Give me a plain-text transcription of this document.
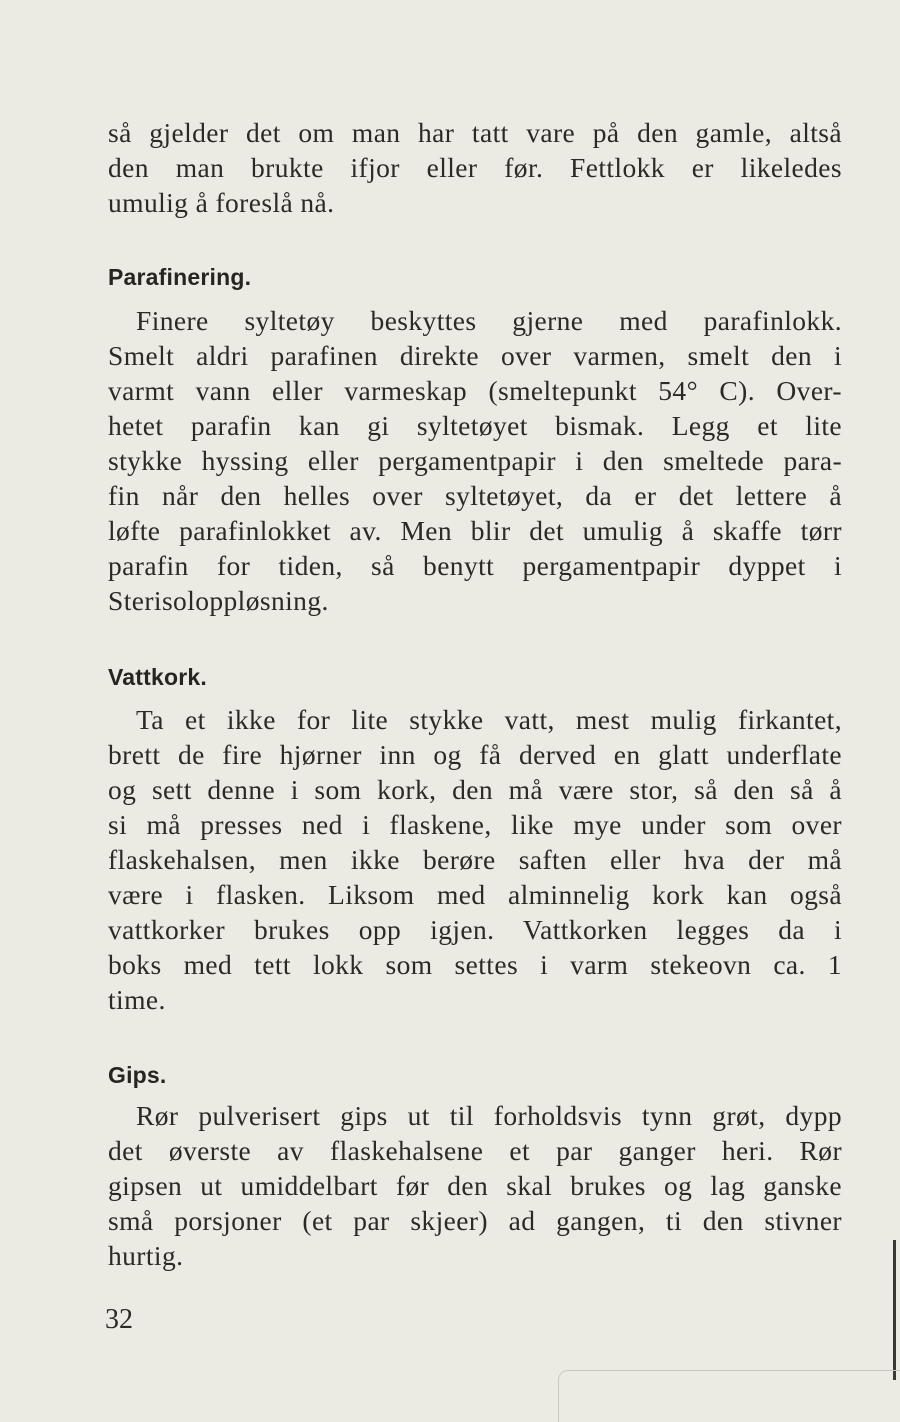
så gjelder det om man har tatt vare på den gamle, altså
den man brukte ifjor eller før. Fettlokk er likeledes
umulig å foreslå nå.
Parafinering.
Finere syltetøy beskyttes gjerne med parafinlokk.
Smelt aldri parafinen direkte over varmen, smelt den i
varmt vann eller varmeskap (smeltepunkt 54° C). Over-
hetet parafin kan gi syltetøyet bismak. Legg et lite
stykke hyssing eller pergamentpapir i den smeltede para-
fin når den helles over syltetøyet, da er det lettere å
løfte parafinlokket av. Men blir det umulig å skaffe tørr
parafin for tiden, så benytt pergamentpapir dyppet i
Sterisoloppløsning.
Vattkork.
Ta et ikke for lite stykke vatt, mest mulig firkantet,
brett de fire hjørner inn og få derved en glatt underflate
og sett denne i som kork, den må være stor, så den så å
si må presses ned i flaskene, like mye under som over
flaskehalsen, men ikke berøre saften eller hva der må
være i flasken. Liksom med alminnelig kork kan også
vattkorker brukes opp igjen. Vattkorken legges da i
boks med tett lokk som settes i varm stekeovn ca. 1
time.
Gips.
Rør pulverisert gips ut til forholdsvis tynn grøt, dypp
det øverste av flaskehalsene et par ganger heri. Rør
gipsen ut umiddelbart før den skal brukes og lag ganske
små porsjoner (et par skjeer) ad gangen, ti den stivner
hurtig.
32
